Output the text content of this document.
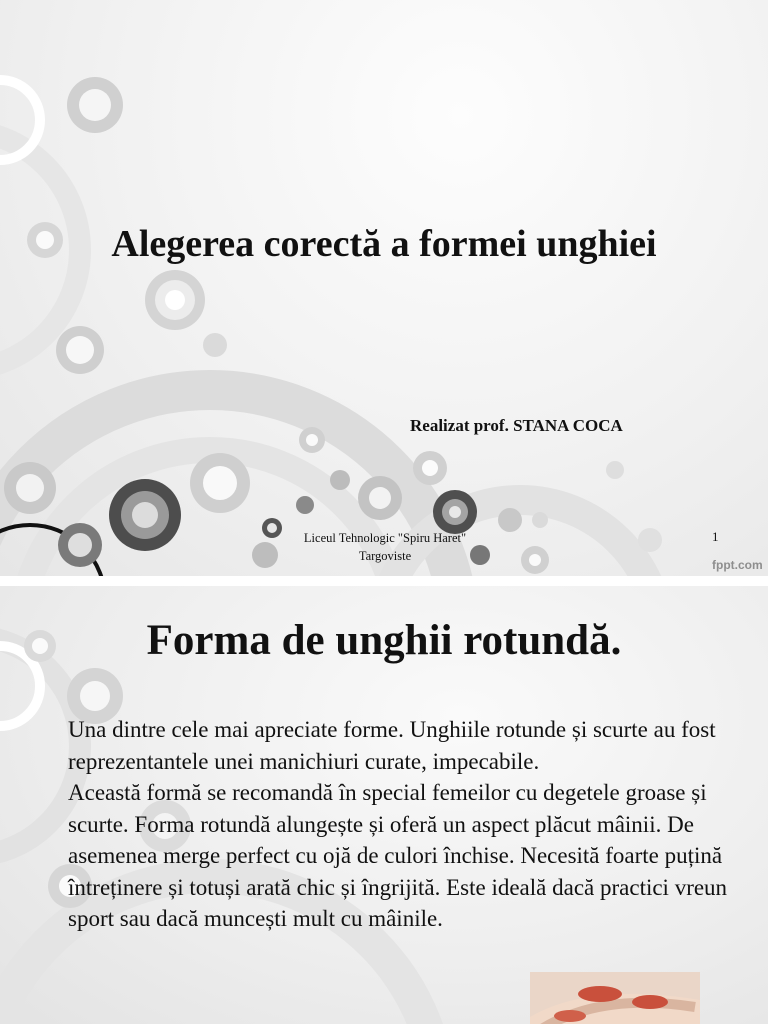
Alegerea corectă a formei unghiei
Realizat prof. STANA COCA
Liceul Tehnologic "Spiru Haret"
Targoviste
1
fppt.com
Forma de unghii rotundă.

Una dintre cele mai apreciate forme. Unghiile rotunde și scurte au fost reprezentantele unei manichiuri curate, impecabile.

Această formă se recomandă în special femeilor cu degetele groase și scurte. Forma rotundă alungește și oferă un aspect plăcut mâinii. De asemenea merge perfect cu ojă de culori închise. Necesită foarte puțină întreținere și totuși arată chic și îngrijită. Este ideală dacă practici vreun sport sau dacă muncești mult cu mâinile.
